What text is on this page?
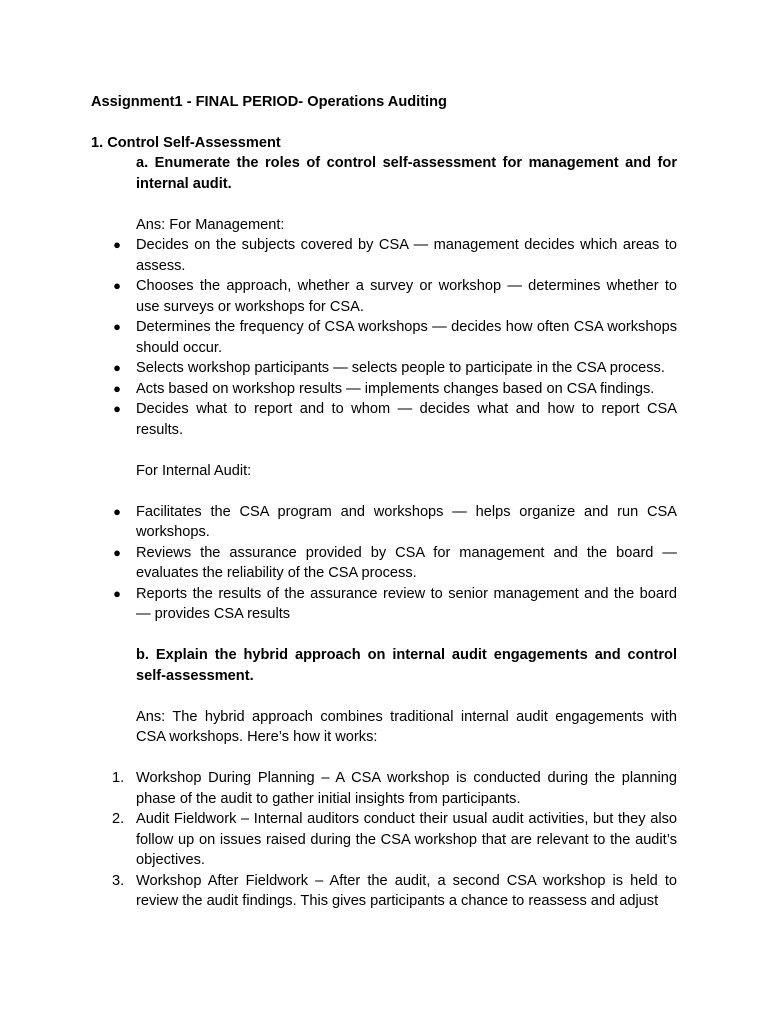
Assignment1 - FINAL PERIOD- Operations Auditing
1. Control Self-Assessment

a. Enumerate the roles of control self-assessment for management and for internal audit.

Ans: For Management:

● Decides on the subjects covered by CSA — management decides which areas to assess.
● Chooses the approach, whether a survey or workshop — determines whether to use surveys or workshops for CSA.
● Determines the frequency of CSA workshops — decides how often CSA workshops should occur.
● Selects workshop participants — selects people to participate in the CSA process.
● Acts based on workshop results — implements changes based on CSA findings.
● Decides what to report and to whom — decides what and how to report CSA results.

For Internal Audit:

● Facilitates the CSA program and workshops — helps organize and run CSA workshops.
● Reviews the assurance provided by CSA for management and the board — evaluates the reliability of the CSA process.
● Reports the results of the assurance review to senior management and the board — provides CSA results

b. Explain the hybrid approach on internal audit engagements and control self-assessment.

Ans: The hybrid approach combines traditional internal audit engagements with CSA workshops. Here’s how it works:

1. Workshop During Planning – A CSA workshop is conducted during the planning phase of the audit to gather initial insights from participants.
2. Audit Fieldwork – Internal auditors conduct their usual audit activities, but they also follow up on issues raised during the CSA workshop that are relevant to the audit’s objectives.
3. Workshop After Fieldwork – After the audit, a second CSA workshop is held to review the audit findings. This gives participants a chance to reassess and adjust
